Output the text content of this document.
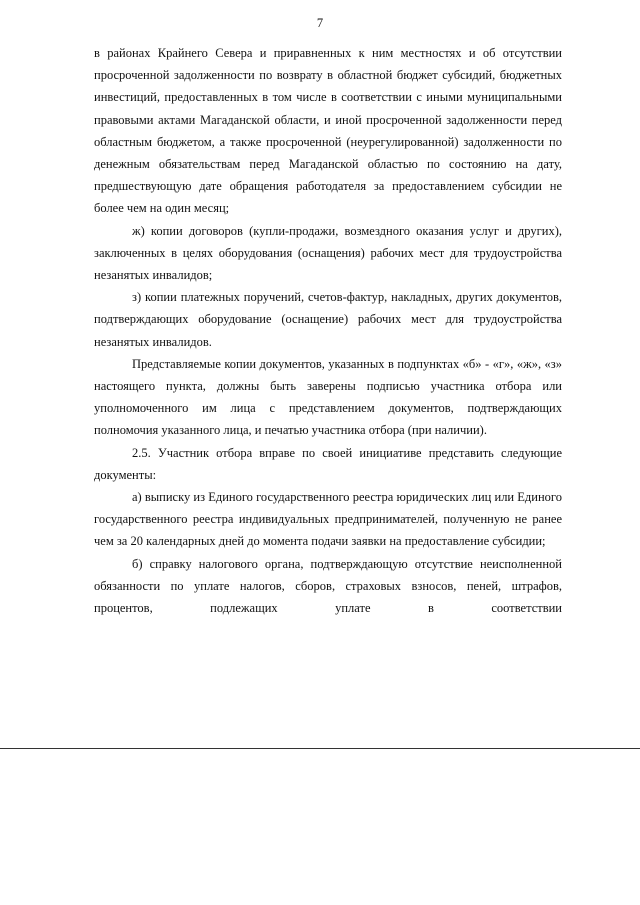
7

в районах Крайнего Севера и приравненных к ним местностях и об отсутствии просроченной задолженности по возврату в областной бюджет субсидий, бюджетных инвестиций, предоставленных в том числе в соответствии с иными муниципальными правовыми актами Магаданской области, и иной просроченной задолженности перед областным бюджетом, а также просроченной (неурегулированной) задолженности по денежным обязательствам перед Магаданской областью по состоянию на дату, предшествующую дате обращения работодателя за предоставлением субсидии не более чем на один месяц;

ж) копии договоров (купли-продажи, возмездного оказания услуг и других), заключенных в целях оборудования (оснащения) рабочих мест для трудоустройства незанятых инвалидов;

з) копии платежных поручений, счетов-фактур, накладных, других документов, подтверждающих оборудование (оснащение) рабочих мест для трудоустройства незанятых инвалидов.

Представляемые копии документов, указанных в подпунктах «б» - «г», «ж», «з» настоящего пункта, должны быть заверены подписью участника отбора или уполномоченного им лица с представлением документов, подтверждающих полномочия указанного лица, и печатью участника отбора (при наличии).

2.5. Участник отбора вправе по своей инициативе представить следующие документы:

а) выписку из Единого государственного реестра юридических лиц или Единого государственного реестра индивидуальных предпринимателей, полученную не ранее чем за 20 календарных дней до момента подачи заявки на предоставление субсидии;

б) справку налогового органа, подтверждающую отсутствие неисполненной обязанности по уплате налогов, сборов, страховых взносов, пеней, штрафов, процентов, подлежащих уплате в соответствии
